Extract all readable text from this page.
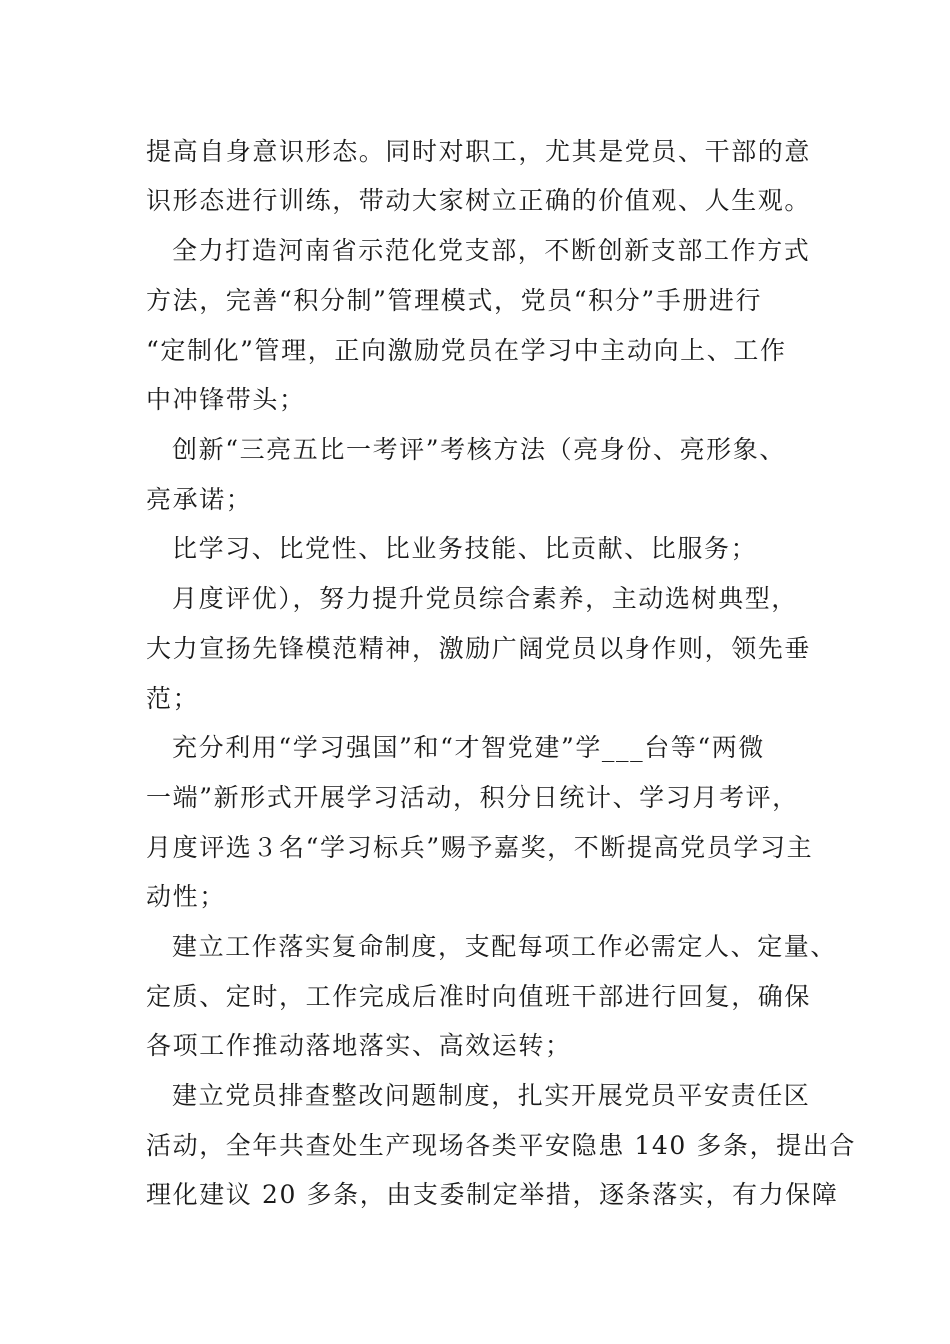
提高自身意识形态。同时对职工，尤其是党员、干部的意
识形态进行训练，带动大家树立正确的价值观、人生观。
全力打造河南省示范化党支部，不断创新支部工作方式
方法，完善“积分制”管理模式，党员“积分”手册进行
“定制化”管理，正向激励党员在学习中主动向上、工作
中冲锋带头；
创新“三亮五比一考评”考核方法（亮身份、亮形象、
亮承诺；
比学习、比党性、比业务技能、比贡献、比服务；
月度评优），努力提升党员综合素养，主动选树典型，
大力宣扬先锋模范精神，激励广阔党员以身作则，领先垂
范；
充分利用“学习强国”和“才智党建”学___台等“两微
一端”新形式开展学习活动，积分日统计、学习月考评，
月度评选３名“学习标兵”赐予嘉奖，不断提高党员学习主
动性；
建立工作落实复命制度，支配每项工作必需定人、定量、
定质、定时，工作完成后准时向值班干部进行回复，确保
各项工作推动落地落实、高效运转；
建立党员排查整改问题制度，扎实开展党员平安责任区
活动，全年共查处生产现场各类平安隐患 140 多条，提出合
理化建议 20 多条，由支委制定举措，逐条落实，有力保障
